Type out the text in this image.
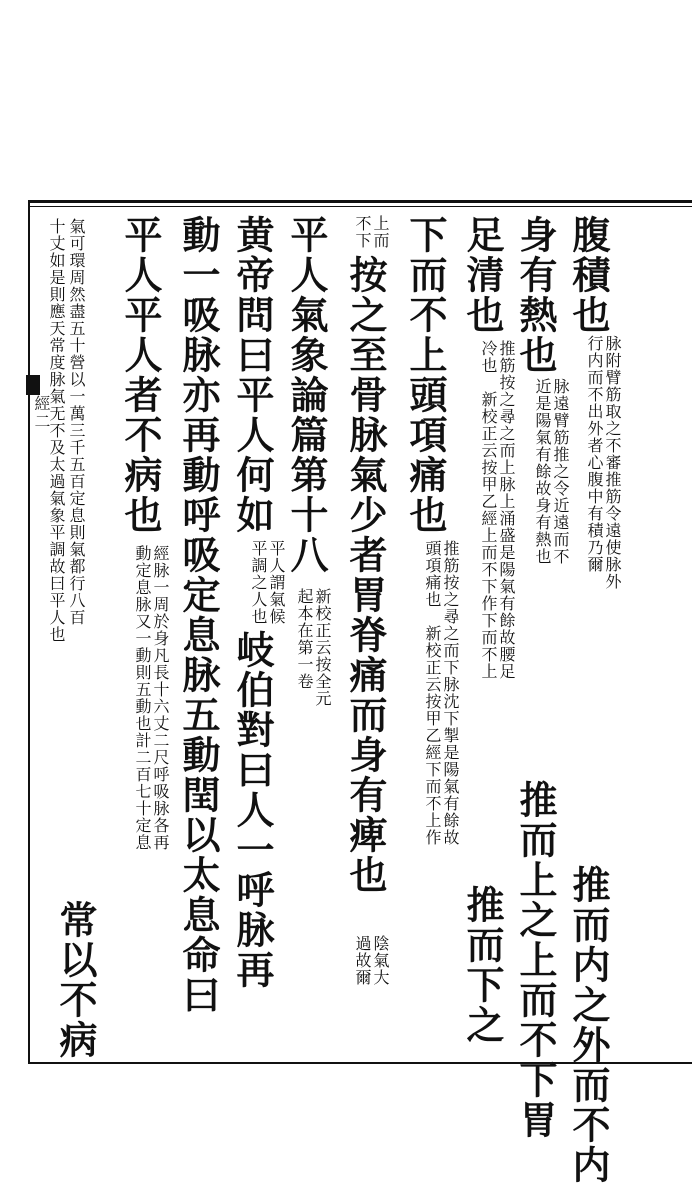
經二
腹積也
脉附臂筋取之不審推筋令遠使脉外
行内而不出外者心腹中有積乃爾
推而内之外而不内
身有熱也
脉遠臂筋推之令近遠而不
近是陽氣有餘故身有熱也
推而上之上而不下胃
足清也
推筋按之尋之而上脉上涌盛是陽氣有餘故腰足
冷也　新校正云按甲乙經上而不下作下而不上
推而下之
下而不上頭項痛也
推筋按之尋之而下脉沈下掣是陽氣有餘故
頭項痛也　新校正云按甲乙經下而不上作
上而
不下
按之至骨脉氣少者胃脊痛而身有痺也
陰氣大
過故爾
平人氣象論篇第十八
新校正云按全元
起本在第一卷
黄帝問曰平人何如
平人謂氣候
平調之人也
岐伯對曰人一呼脉再
動一吸脉亦再動呼吸定息脉五動閏以太息命曰
平人平人者不病也
經脉一周於身凡長十六丈二尺呼吸脉各再
動定息脉又一動則五動也計二百七十定息
氣可環周然盡五十營以一萬三千五百定息則氣都行八百
十丈如是則應天常度脉氣无不及太過氣象平調故曰平人也
常以不病
